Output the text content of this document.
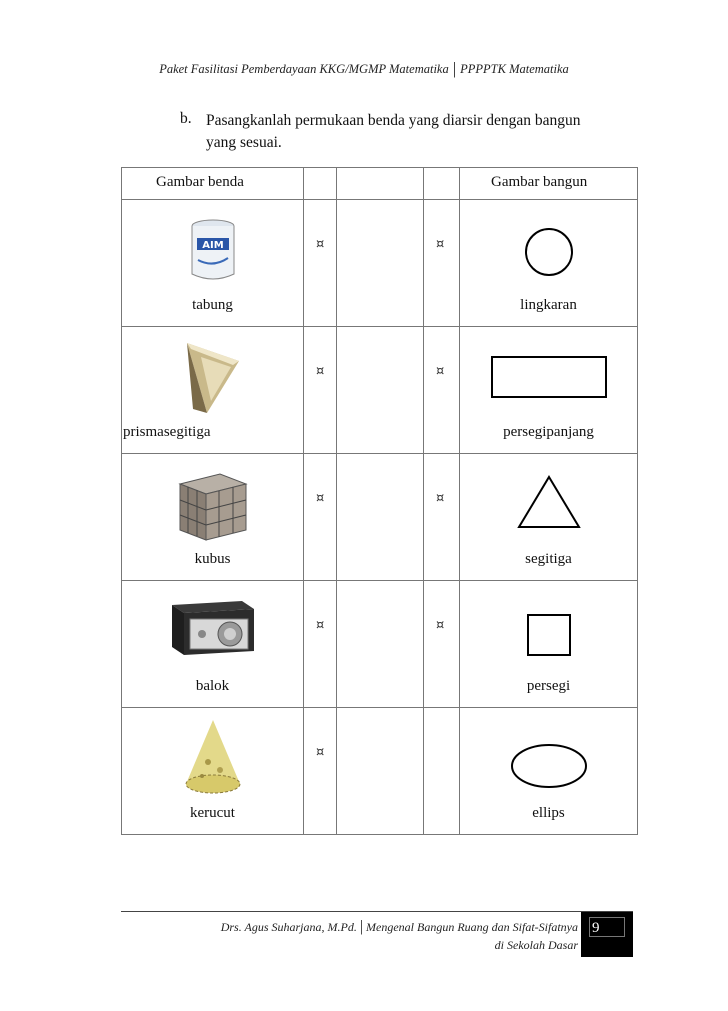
Paket Fasilitasi Pemberdayaan KKG/MGMP Matematika | PPPPTK Matematika
b. Pasangkanlah permukaan benda yang diarsir dengan bangun yang sesuai.
Gambar benda				Gambar bangun

AIM
tabung	¤		¤	lingkaran

prismasegitiga	¤		¤	persegipanjang

kubus	¤		¤	segitiga

balok	¤		¤	persegi

kerucut	¤			ellips
Drs. Agus Suharjana, M.Pd. | Mengenal Bangun Ruang dan Sifat-Sifatnya
di Sekolah Dasar
9
